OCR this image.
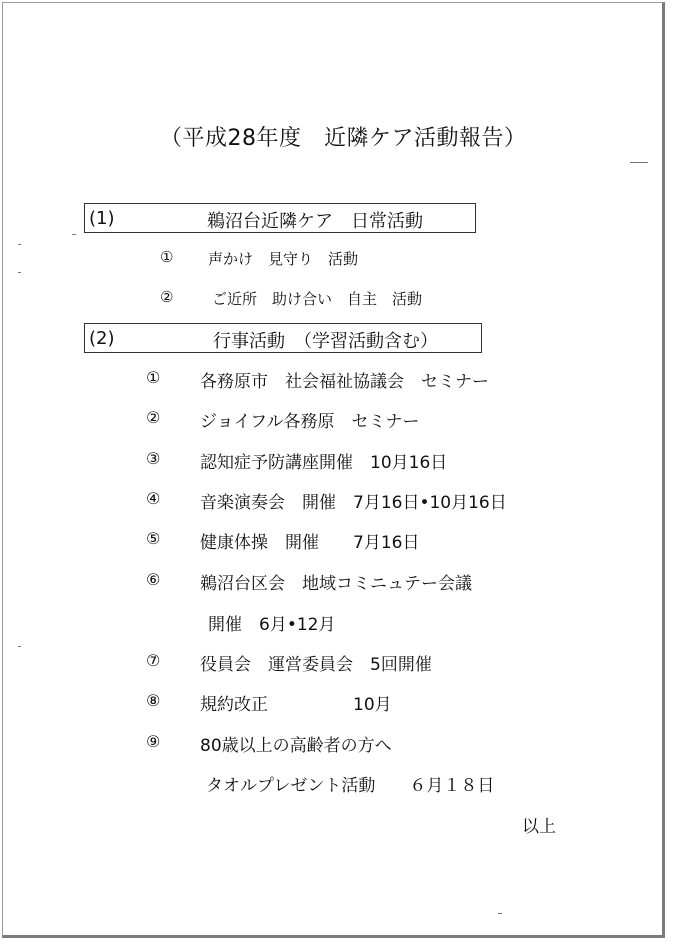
（平成28年度　近隣ケア活動報告）
(1)	鵜沼台近隣ケア　日常活動
① 声かけ　見守り　活動
②	ご近所　助け合い　自主　活動
(2)	行事活動　（学習活動含む）
① 各務原市　社会福祉協議会　セミナー
② ジョイフル各務原　セミナー
③ 認知症予防講座開催　10月16日
④ 音楽演奏会　開催　7月16日•10月16日
⑤ 健康体操　開催　　7月16日
⑥ 鵜沼台区会　地域コミニュテー会議
開催　6月•12月
⑦ 役員会　運営委員会　5回開催
⑧ 規約改正　　　　　10月
⑨ 80歳以上の高齢者の方へ
タオルプレゼント活動　　６月１８日
以上
